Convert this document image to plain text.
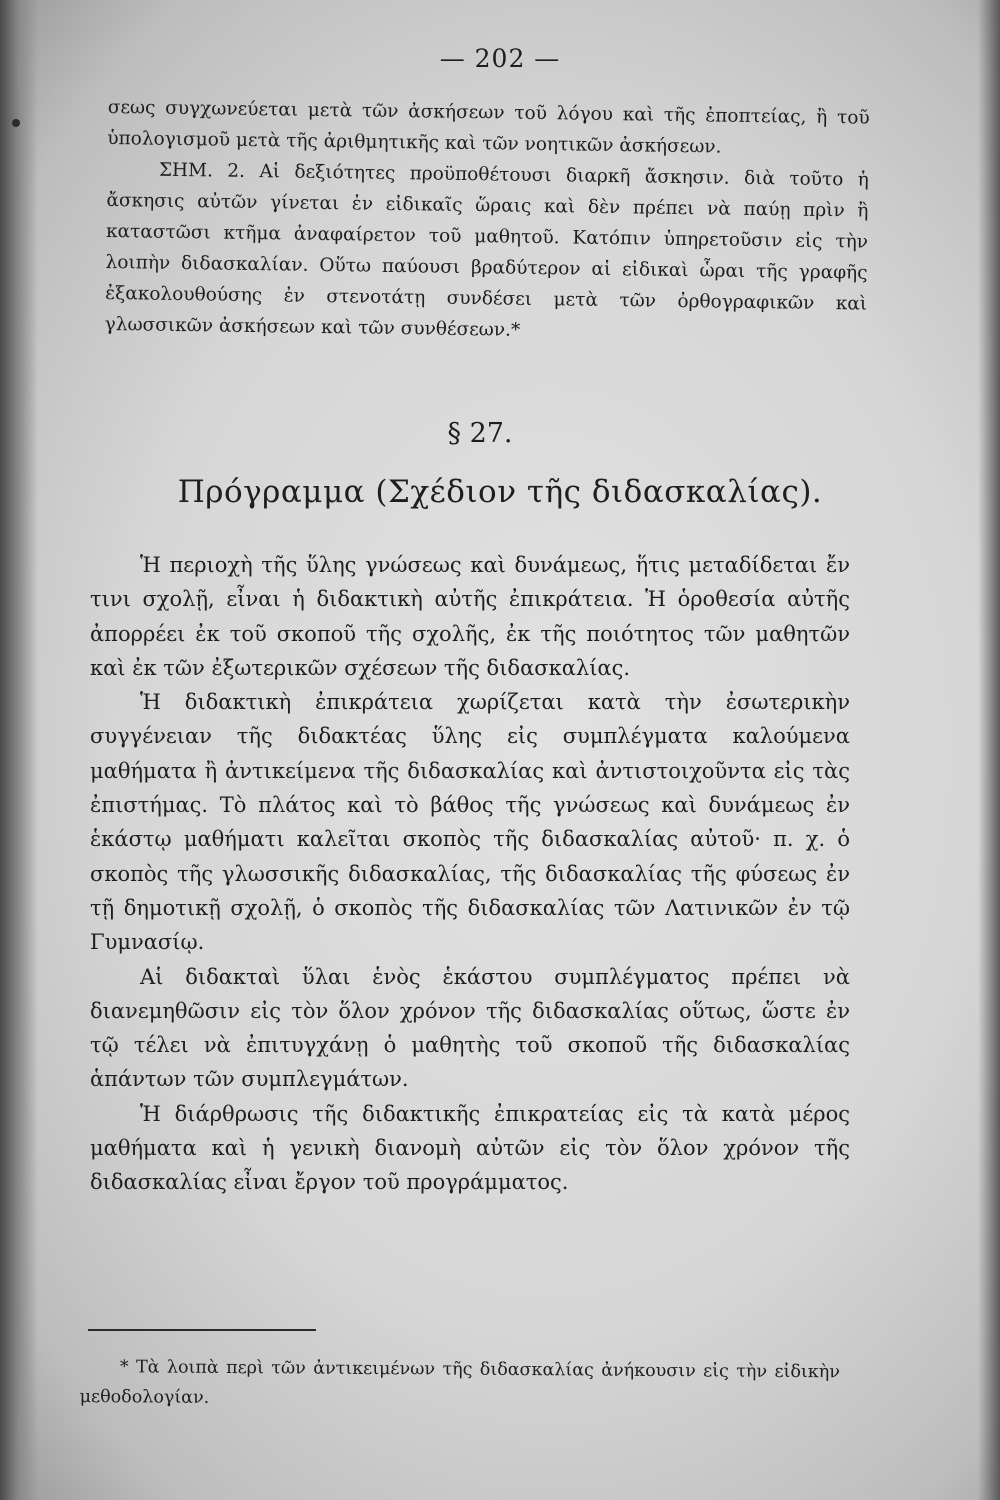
— 202 —

σεως συγχωνεύεται μετὰ τῶν ἀσκήσεων τοῦ λόγου καὶ τῆς ἐποπτείας, ἢ τοῦ ὑπολογισμοῦ μετὰ τῆς ἀριθμητικῆς καὶ τῶν νοητικῶν ἀσκήσεων.

ΣΗΜ. 2. Αἱ δεξιότητες προϋποθέτουσι διαρκῆ ἄσκησιν. διὰ τοῦτο ἡ ἄσκησις αὐτῶν γίνεται ἐν εἰδικαῖς ὥραις καὶ δὲν πρέπει νὰ παύῃ πρὶν ἢ καταστῶσι κτῆμα ἀναφαίρετον τοῦ μαθητοῦ. Κατόπιν ὑπηρετοῦσιν εἰς τὴν λοιπὴν διδασκαλίαν. Οὕτω παύουσι βραδύτερον αἱ εἰδικαὶ ὧραι τῆς γραφῆς ἐξακολουθούσης ἐν στενοτάτῃ συνδέσει μετὰ τῶν ὀρθογραφικῶν καὶ γλωσσικῶν ἀσκήσεων καὶ τῶν συνθέσεων.*

§ 27.
Πρόγραμμα (Σχέδιον τῆς διδασκαλίας).

Ἡ περιοχὴ τῆς ὕλης γνώσεως καὶ δυνάμεως, ἥτις μεταδίδεται ἔν τινι σχολῇ, εἶναι ἡ διδακτικὴ αὐτῆς ἐπικράτεια. Ἡ ὁροθεσία αὐτῆς ἀπορρέει ἐκ τοῦ σκοποῦ τῆς σχολῆς, ἐκ τῆς ποιότητος τῶν μαθητῶν καὶ ἐκ τῶν ἐξωτερικῶν σχέσεων τῆς διδασκαλίας.

Ἡ διδακτικὴ ἐπικράτεια χωρίζεται κατὰ τὴν ἐσωτερικὴν συγγένειαν τῆς διδακτέας ὕλης εἰς συμπλέγματα καλούμενα μαθήματα ἢ ἀντικείμενα τῆς διδασκαλίας καὶ ἀντιστοιχοῦντα εἰς τὰς ἐπιστήμας. Τὸ πλάτος καὶ τὸ βάθος τῆς γνώσεως καὶ δυνάμεως ἐν ἑκάστῳ μαθήματι καλεῖται σκοπὸς τῆς διδασκαλίας αὐτοῦ· π. χ. ὁ σκοπὸς τῆς γλωσσικῆς διδασκαλίας, τῆς διδασκαλίας τῆς φύσεως ἐν τῇ δημοτικῇ σχολῇ, ὁ σκοπὸς τῆς διδασκαλίας τῶν Λατινικῶν ἐν τῷ Γυμνασίῳ.

Αἱ διδακταὶ ὕλαι ἑνὸς ἑκάστου συμπλέγματος πρέπει νὰ διανεμηθῶσιν εἰς τὸν ὅλον χρόνον τῆς διδασκαλίας οὕτως, ὥστε ἐν τῷ τέλει νὰ ἐπιτυγχάνῃ ὁ μαθητὴς τοῦ σκοποῦ τῆς διδασκαλίας ἁπάντων τῶν συμπλεγμάτων.

Ἡ διάρθρωσις τῆς διδακτικῆς ἐπικρατείας εἰς τὰ κατὰ μέρος μαθήματα καὶ ἡ γενικὴ διανομὴ αὐτῶν εἰς τὸν ὅλον χρόνον τῆς διδασκαλίας εἶναι ἔργον τοῦ προγράμματος.

* Τὰ λοιπὰ περὶ τῶν ἀντικειμένων τῆς διδασκαλίας ἀνήκουσιν εἰς τὴν εἰδικὴν μεθοδολογίαν.
